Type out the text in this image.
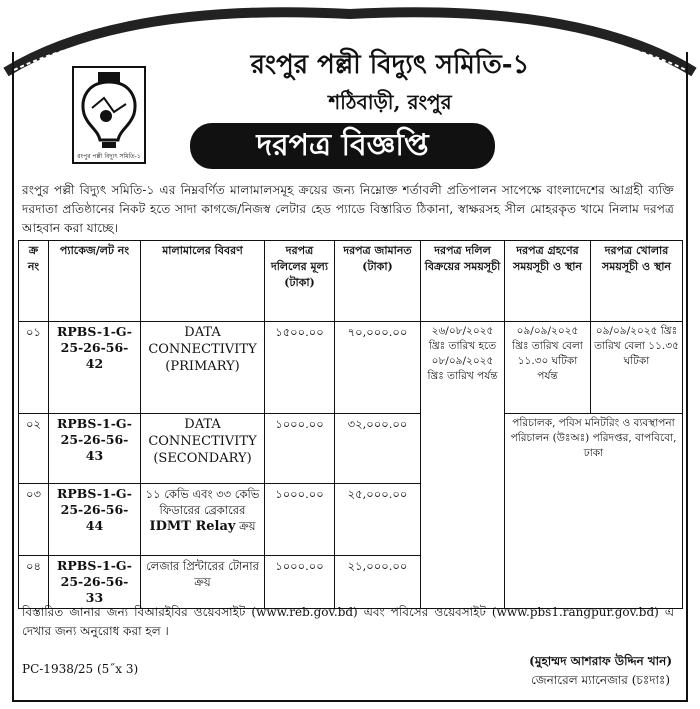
রংপুর পল্লী বিদ্যুৎ সমিতি-১
রংপুর পল্লী বিদ্যুৎ সমিতি-১
শঠিবাড়ী, রংপুর
দরপত্র বিজ্ঞপ্তি
রংপুর পল্লী বিদ্যুৎ সমিতি-১ এর নিম্নবর্ণিত মালামালসমূহ ক্রয়ের জন্য নিম্নোক্ত শর্তাবলী প্রতিপালন সাপেক্ষে বাংলাদেশের আগ্রহী ব্যক্তি দরদাতা প্রতিষ্ঠানের নিকট হতে সাদা কাগজে/নিজস্ব লেটার হেড প্যাডে বিস্তারিত ঠিকানা, স্বাক্ষরসহ সীল মোহরকৃত খামে নিলাম দরপত্র আহবান করা যাচ্ছে।
ক্র নং	প্যাকেজ/লট নং	মালামালের বিবরণ	দরপত্র দলিলের মূল্য (টাকা)	দরপত্র জামানত (টাকা)	দরপত্র দলিল বিক্রয়ের সময়সূচী	দরপত্র গ্রহণের সময়সূচী ও স্থান	দরপত্র খোলার সময়সূচী ও স্থান
০১	RPBS-1-G-25-26-56-42	DATA CONNECTIVITY (PRIMARY)	১৫০০.০০	৭০,০০০.০০	২৬/০৮/২০২৫ খ্রিঃ তারিখ হতে ০৮/০৯/২০২৫ খ্রিঃ তারিখ পর্যন্ত	০৯/০৯/২০২৫ খ্রিঃ তারিখ বেলা ১১.৩০ ঘটিকা পর্যন্ত	০৯/০৯/২০২৫ খ্রিঃ তারিখ বেলা ১১.৩৫ ঘটিকা
০২	RPBS-1-G-25-26-56-43	DATA CONNECTIVITY (SECONDARY)	১০০০.০০	৩২,০০০.০০		পরিচালক, পবিস মনিটরিং ও ব্যবস্থাপনা পরিচালন (উঃঅঃ) পরিদপ্তর, বাপবিবো, ঢাকা	
০৩	RPBS-1-G-25-26-56-44	১১ কেভি এবং ৩৩ কেভি ফিডারের ব্রেকারের IDMT Relay ক্রয়	১০০০.০০	২৫,০০০.০০			
০৪	RPBS-1-G-25-26-56-33	লেজার প্রিন্টারের টোনার ক্রয়	১০০০.০০	২১,০০০.০০			
বিস্তারিত জানার জন্য বিআরইবির ওয়েবসাইট (www.reb.gov.bd) এবং পবিসের ওয়েবসাইট (www.pbs1.rangpur.gov.bd) এ দেখার জন্য অনুরোধ করা হল ।
PC-1938/25 (5˝x 3)
(মুহাম্মদ আশরাফ উদ্দিন খান)
জেনারেল ম্যানেজার (চঃদাঃ)
